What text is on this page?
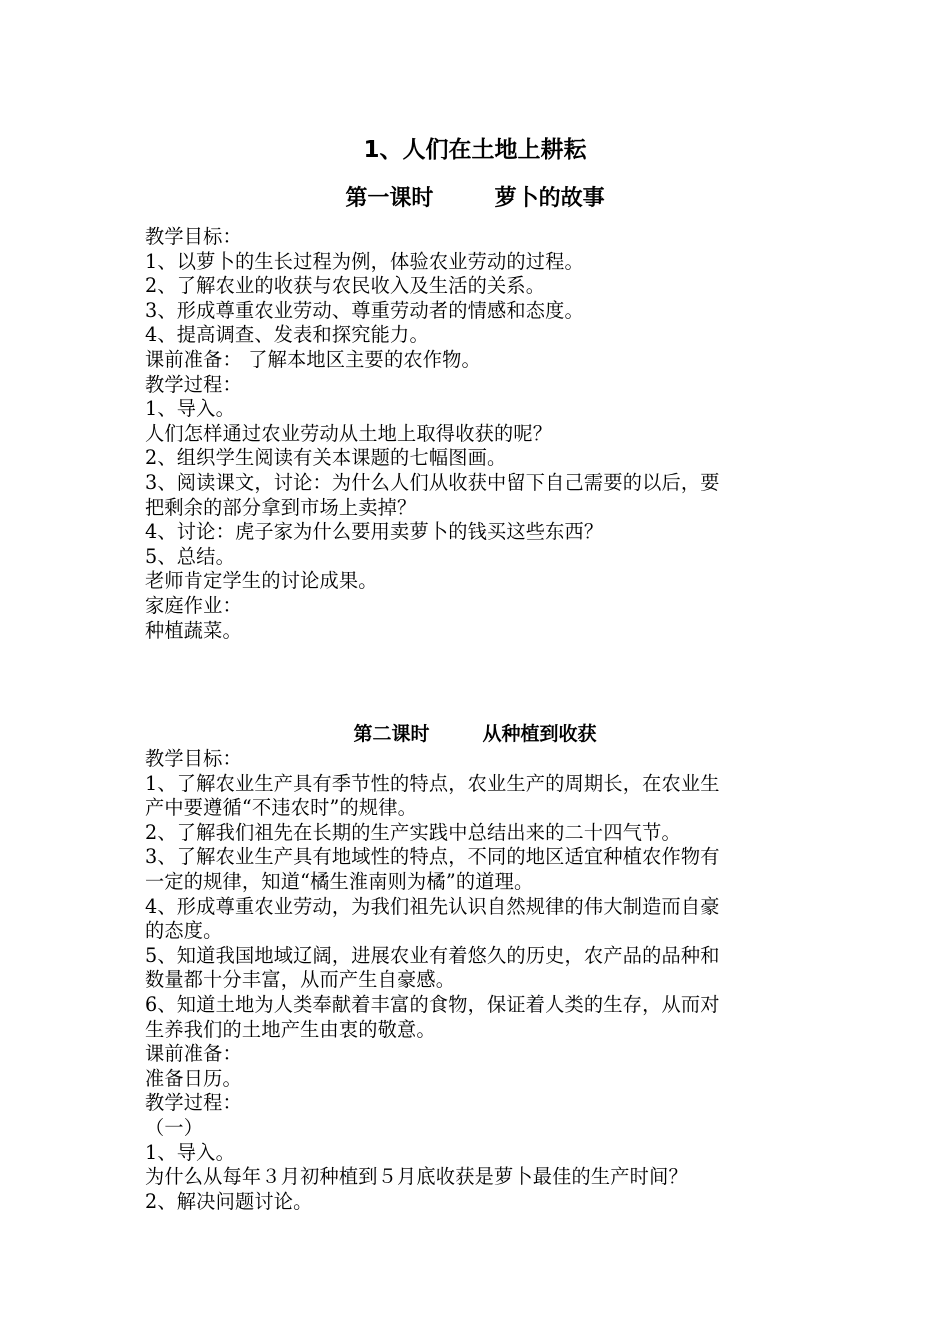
1、人们在土地上耕耘
第一课时        萝卜的故事
教学目标：
1、以萝卜的生长过程为例，体验农业劳动的过程。
2、了解农业的收获与农民收入及生活的关系。
3、形成尊重农业劳动、尊重劳动者的情感和态度。
4、提高调查、发表和探究能力。
课前准备： 了解本地区主要的农作物。
教学过程：
1、导入。
人们怎样通过农业劳动从土地上取得收获的呢？
2、组织学生阅读有关本课题的七幅图画。
3、阅读课文，讨论：为什么人们从收获中留下自己需要的以后，要
把剩余的部分拿到市场上卖掉？
4、讨论：虎子家为什么要用卖萝卜的钱买这些东西？
5、总结。
老师肯定学生的讨论成果。
家庭作业：
种植蔬菜。
第二课时        从种植到收获
教学目标：
1、了解农业生产具有季节性的特点，农业生产的周期长，在农业生
产中要遵循“不违农时”的规律。
2、了解我们祖先在长期的生产实践中总结出来的二十四气节。
3、了解农业生产具有地域性的特点，不同的地区适宜种植农作物有
一定的规律，知道“橘生淮南则为橘”的道理。
4、形成尊重农业劳动，为我们祖先认识自然规律的伟大制造而自豪
的态度。
5、知道我国地域辽阔，进展农业有着悠久的历史，农产品的品种和
数量都十分丰富，从而产生自豪感。
6、知道土地为人类奉献着丰富的食物，保证着人类的生存，从而对
生养我们的土地产生由衷的敬意。
课前准备：
准备日历。
教学过程：
（一）
1、导入。
为什么从每年３月初种植到５月底收获是萝卜最佳的生产时间？
2、解决问题讨论。
